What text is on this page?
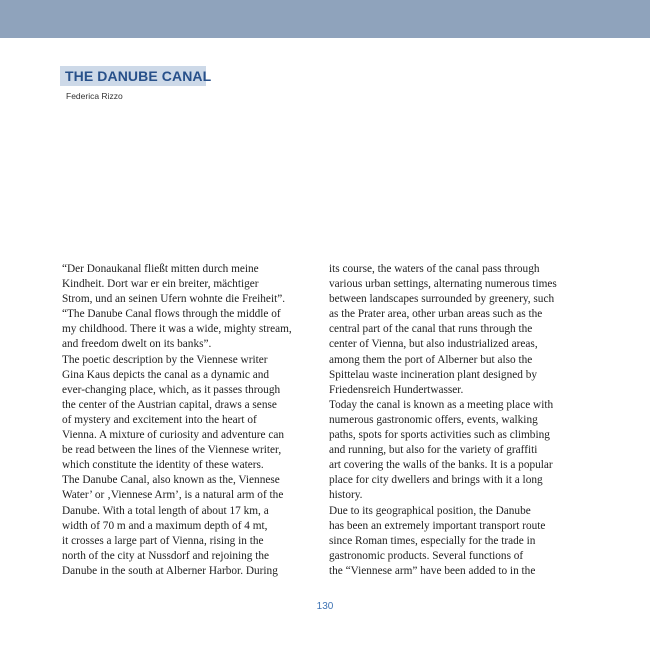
THE DANUBE CANAL
Federica Rizzo
“Der Donaukanal fließt mitten durch meine
Kindheit. Dort war er ein breiter, mächtiger
Strom, und an seinen Ufern wohnte die Freiheit”.
“The Danube Canal flows through the middle of
my childhood. There it was a wide, mighty stream,
and freedom dwelt on its banks”.
The poetic description by the Viennese writer
Gina Kaus depicts the canal as a dynamic and
ever-changing place, which, as it passes through
the center of the Austrian capital, draws a sense
of mystery and excitement into the heart of
Vienna. A mixture of curiosity and adventure can
be read between the lines of the Viennese writer,
which constitute the identity of these waters.
The Danube Canal, also known as the, Viennese
Water’ or ‚Viennese Arm’, is a natural arm of the
Danube. With a total length of about 17 km, a
width of 70 m and a maximum depth of 4 mt,
it crosses a large part of Vienna, rising in the
north of the city at Nussdorf and rejoining the
Danube in the south at Alberner Harbor. During
its course, the waters of the canal pass through
various urban settings, alternating numerous times
between landscapes surrounded by greenery, such
as the Prater area, other urban areas such as the
central part of the canal that runs through the
center of Vienna, but also industrialized areas,
among them the port of Alberner but also the
Spittelau waste incineration plant designed by
Friedensreich Hundertwasser.
Today the canal is known as a meeting place with
numerous gastronomic offers, events, walking
paths, spots for sports activities such as climbing
and running, but also for the variety of graffiti
art covering the walls of the banks. It is a popular
place for city dwellers and brings with it a long
history.
Due to its geographical position, the Danube
has been an extremely important transport route
since Roman times, especially for the trade in
gastronomic products. Several functions of
the “Viennese arm” have been added to in the
130
